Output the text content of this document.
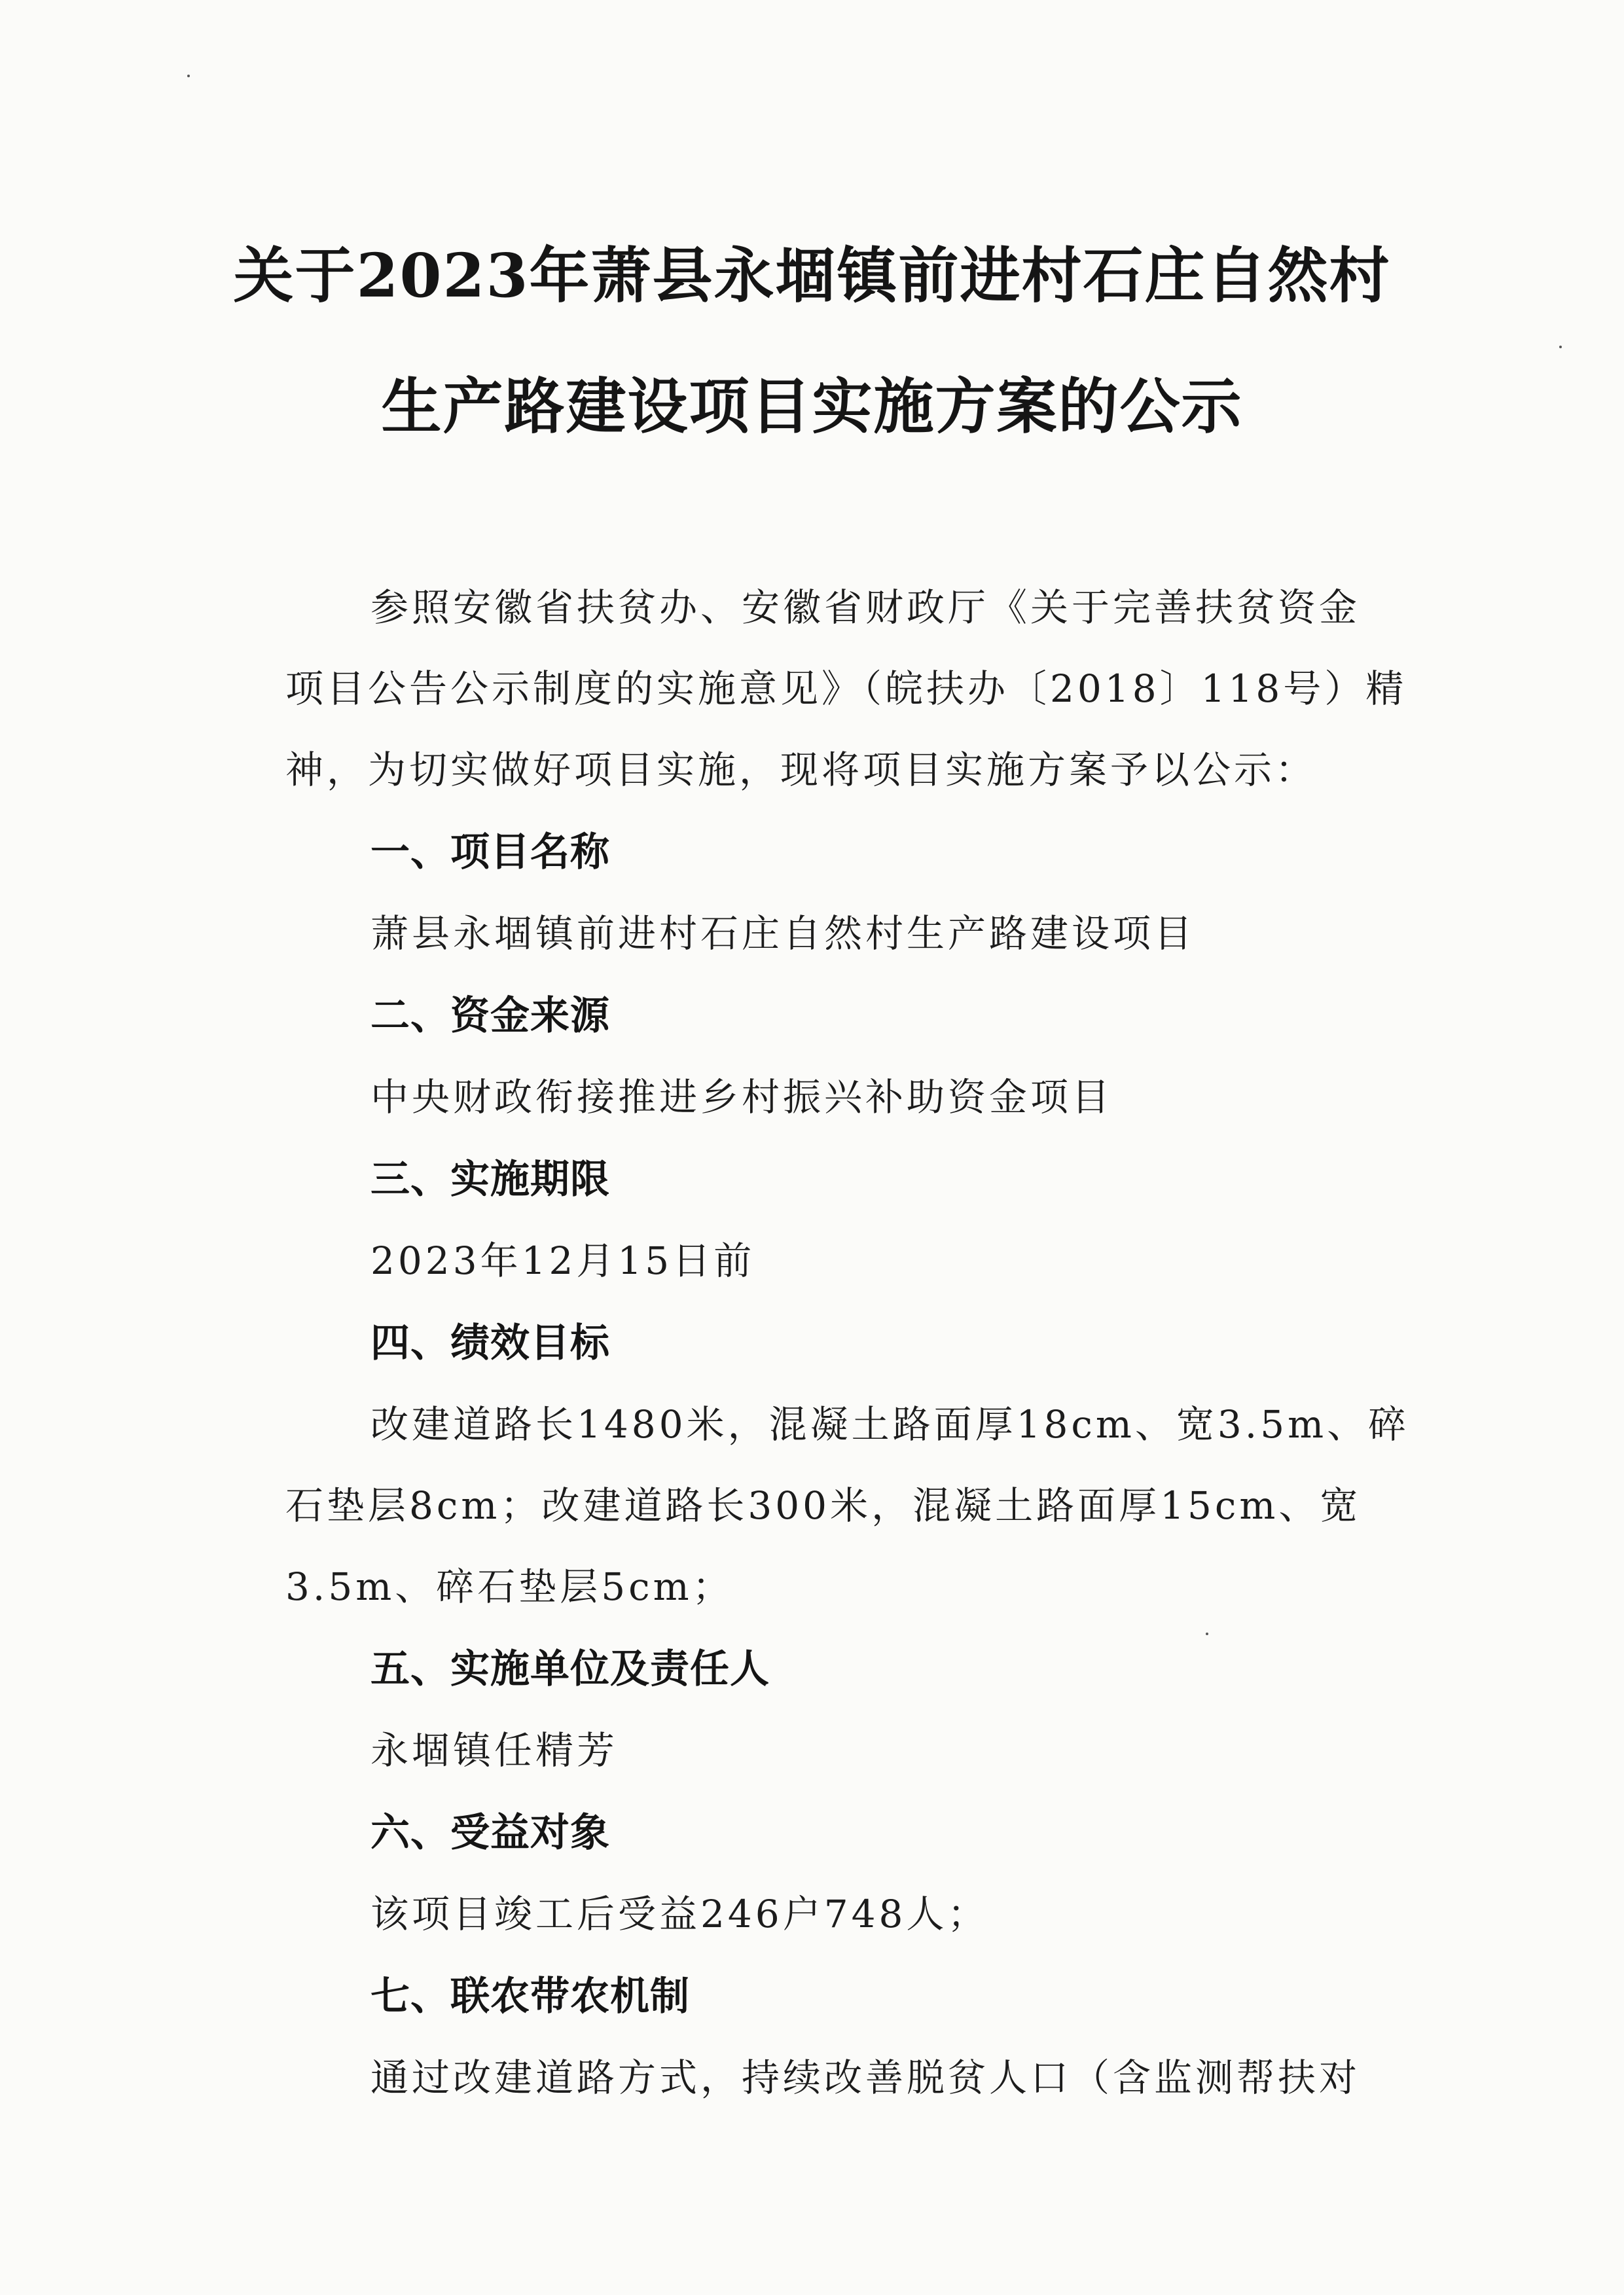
关于2023年萧县永堌镇前进村石庄自然村
生产路建设项目实施方案的公示
参照安徽省扶贫办、安徽省财政厅《关于完善扶贫资金
项目公告公示制度的实施意见》（皖扶办〔2018〕118号）精
神，为切实做好项目实施，现将项目实施方案予以公示：
一、项目名称
萧县永堌镇前进村石庄自然村生产路建设项目
二、资金来源
中央财政衔接推进乡村振兴补助资金项目
三、实施期限
2023年12月15日前
四、绩效目标
改建道路长1480米，混凝土路面厚18cm、宽3.5m、碎
石垫层8cm；改建道路长300米，混凝土路面厚15cm、宽
3.5m、碎石垫层5cm；
五、实施单位及责任人
永堌镇任精芳
六、受益对象
该项目竣工后受益246户748人；
七、联农带农机制
通过改建道路方式，持续改善脱贫人口（含监测帮扶对
